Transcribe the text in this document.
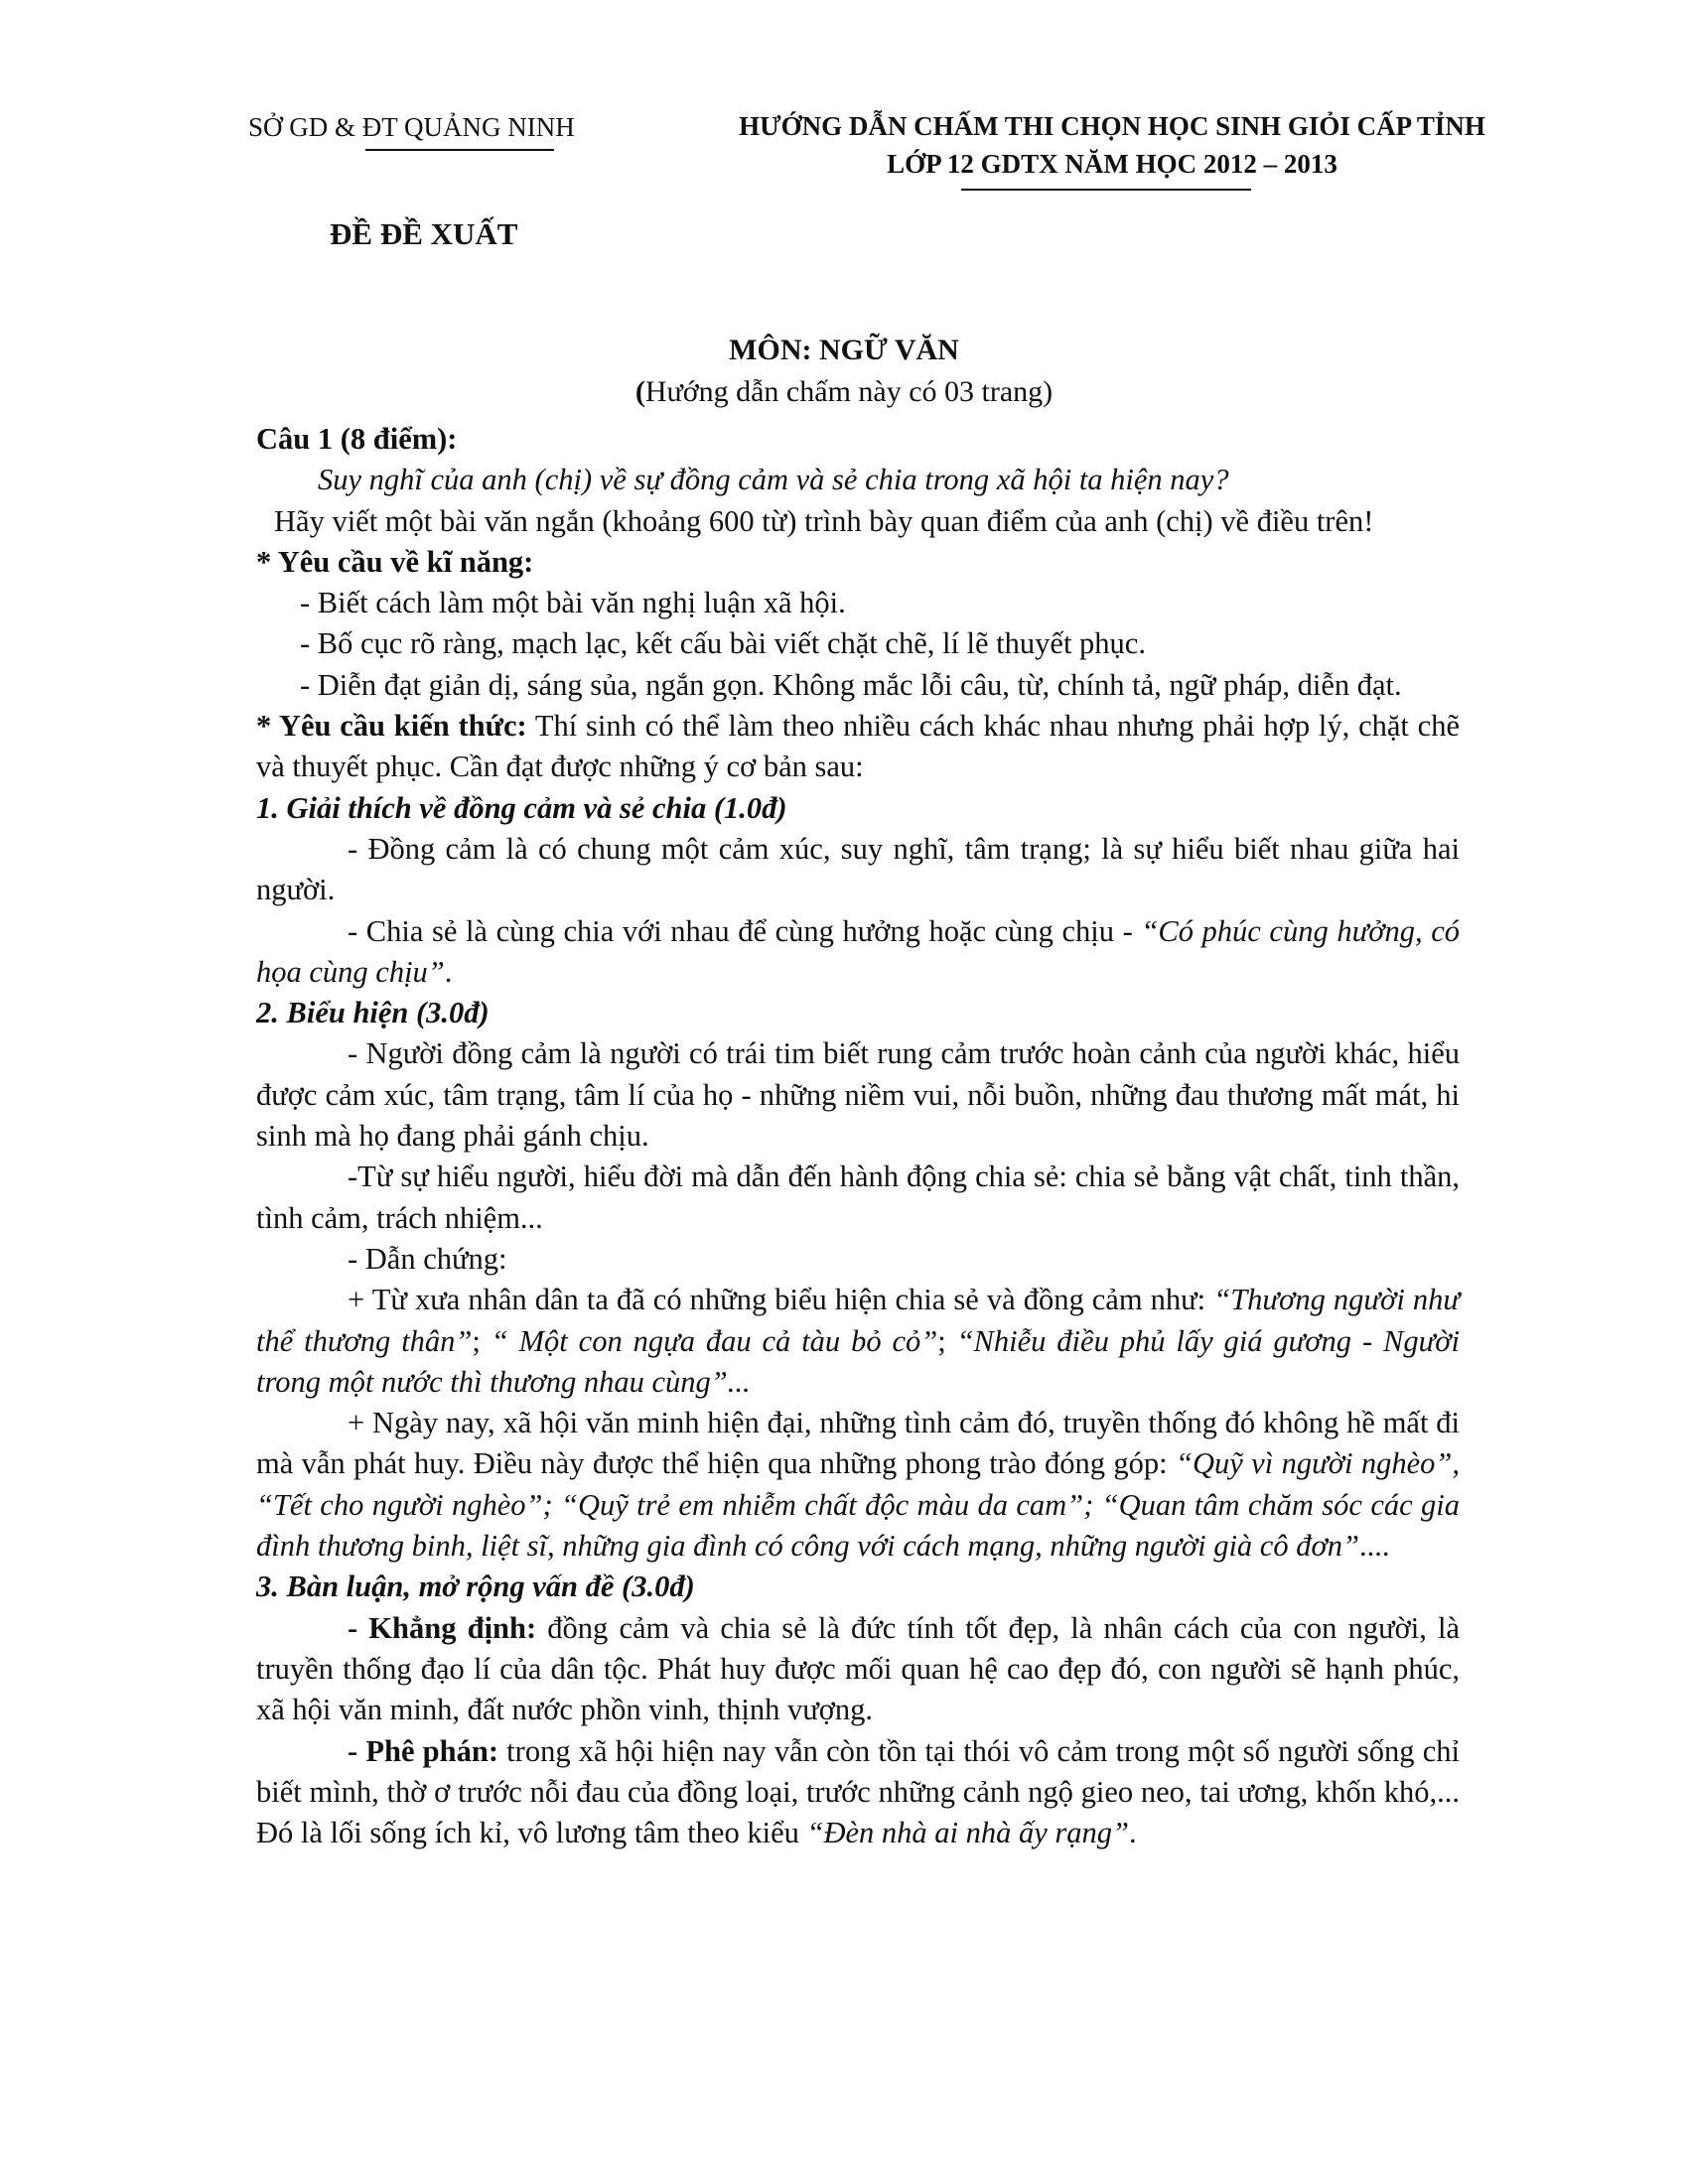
SỞ GD & ĐT QUẢNG NINH	HƯỚNG DẪN CHẤM THI CHỌN HỌC SINH GIỎI CẤP TỈNH
LỚP 12 GDTX NĂM HỌC 2012 – 2013
ĐỀ ĐỀ XUẤT
MÔN: NGỮ VĂN
(Hướng dẫn chấm này có 03 trang)

Câu 1 (8 điểm):

Suy nghĩ của anh (chị) về sự đồng cảm và sẻ chia trong xã hội ta hiện nay?

Hãy viết một bài văn ngắn (khoảng 600 từ) trình bày quan điểm của anh (chị) về điều trên!

* Yêu cầu về kĩ năng:

- Biết cách làm một bài văn nghị luận xã hội.

- Bố cục rõ ràng, mạch lạc, kết cấu bài viết chặt chẽ, lí lẽ thuyết phục.

- Diễn đạt giản dị, sáng sủa, ngắn gọn. Không mắc lỗi câu, từ, chính tả, ngữ pháp, diễn đạt.

* Yêu cầu kiến thức: Thí sinh có thể làm theo nhiều cách khác nhau nhưng phải hợp lý, chặt chẽ và thuyết phục. Cần đạt được những ý cơ bản sau:

1. Giải thích về đồng cảm và sẻ chia (1.0đ)

- Đồng cảm là có chung một cảm xúc, suy nghĩ, tâm trạng; là sự hiểu biết nhau giữa hai người.

- Chia sẻ là cùng chia với nhau để cùng hưởng hoặc cùng chịu - “Có phúc cùng hưởng, có họa cùng chịu”.

2. Biểu hiện (3.0đ)

- Người đồng cảm là người có trái tim biết rung cảm trước hoàn cảnh của người khác, hiểu được cảm xúc, tâm trạng, tâm lí của họ - những niềm vui, nỗi buồn, những đau thương mất mát, hi sinh mà họ đang phải gánh chịu.

-Từ sự hiểu người, hiểu đời mà dẫn đến hành động chia sẻ: chia sẻ bằng vật chất, tinh thần, tình cảm, trách nhiệm...

- Dẫn chứng:

+ Từ xưa nhân dân ta đã có những biểu hiện chia sẻ và đồng cảm như: “Thương người như thể thương thân”; “ Một con ngựa đau cả tàu bỏ cỏ”; “Nhiễu điều phủ lấy giá gương - Người trong một nước thì thương nhau cùng”...

+ Ngày nay, xã hội văn minh hiện đại, những tình cảm đó, truyền thống đó không hề mất đi mà vẫn phát huy. Điều này được thể hiện qua những phong trào đóng góp: “Quỹ vì người nghèo”, “Tết cho người nghèo”; “Quỹ trẻ em nhiễm chất độc màu da cam”; “Quan tâm chăm sóc các gia đình thương binh, liệt sĩ, những gia đình có công với cách mạng, những người già cô đơn”....

3. Bàn luận, mở rộng vấn đề (3.0đ)

- Khẳng định: đồng cảm và chia sẻ là đức tính tốt đẹp, là nhân cách của con người, là truyền thống đạo lí của dân tộc. Phát huy được mối quan hệ cao đẹp đó, con người sẽ hạnh phúc, xã hội văn minh, đất nước phồn vinh, thịnh vượng.

- Phê phán: trong xã hội hiện nay vẫn còn tồn tại thói vô cảm trong một số người sống chỉ biết mình, thờ ơ trước nỗi đau của đồng loại, trước những cảnh ngộ gieo neo, tai ương, khốn khó,... Đó là lối sống ích kỉ, vô lương tâm theo kiểu “Đèn nhà ai nhà ấy rạng”.
